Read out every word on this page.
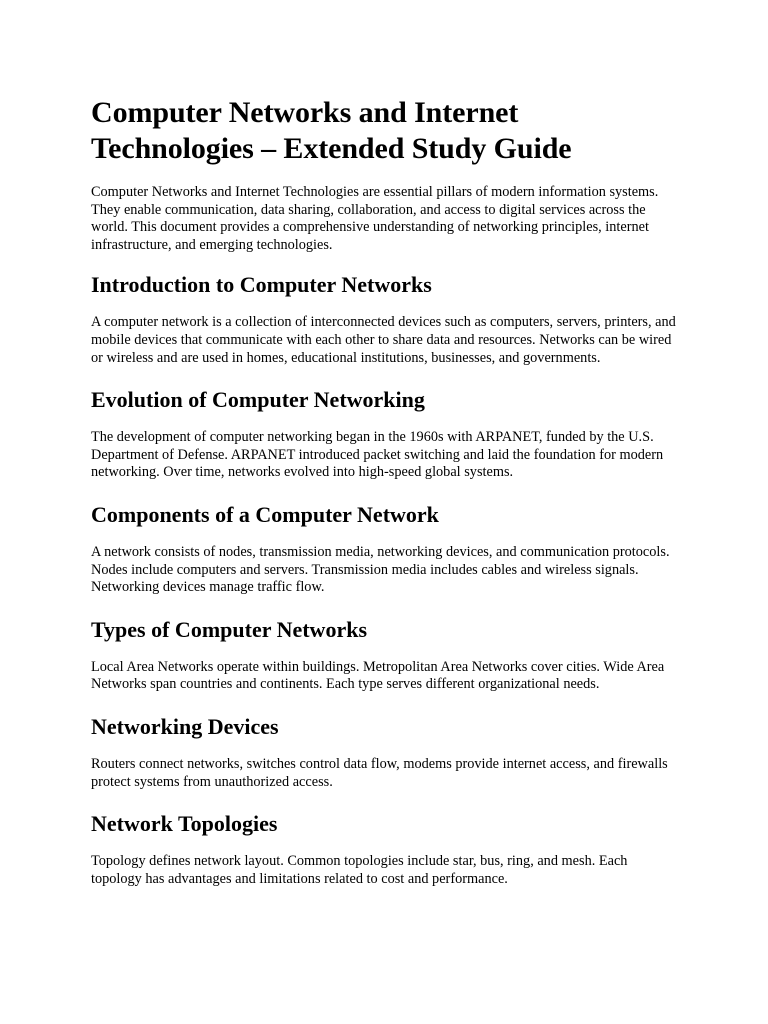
Computer Networks and Internet Technologies – Extended Study Guide

Computer Networks and Internet Technologies are essential pillars of modern information systems. They enable communication, data sharing, collaboration, and access to digital services across the world. This document provides a comprehensive understanding of networking principles, internet infrastructure, and emerging technologies.

Introduction to Computer Networks

A computer network is a collection of interconnected devices such as computers, servers, printers, and mobile devices that communicate with each other to share data and resources. Networks can be wired or wireless and are used in homes, educational institutions, businesses, and governments.

Evolution of Computer Networking

The development of computer networking began in the 1960s with ARPANET, funded by the U.S. Department of Defense. ARPANET introduced packet switching and laid the foundation for modern networking. Over time, networks evolved into high-speed global systems.

Components of a Computer Network

A network consists of nodes, transmission media, networking devices, and communication protocols. Nodes include computers and servers. Transmission media includes cables and wireless signals. Networking devices manage traffic flow.

Types of Computer Networks

Local Area Networks operate within buildings. Metropolitan Area Networks cover cities. Wide Area Networks span countries and continents. Each type serves different organizational needs.

Networking Devices

Routers connect networks, switches control data flow, modems provide internet access, and firewalls protect systems from unauthorized access.

Network Topologies

Topology defines network layout. Common topologies include star, bus, ring, and mesh. Each topology has advantages and limitations related to cost and performance.
